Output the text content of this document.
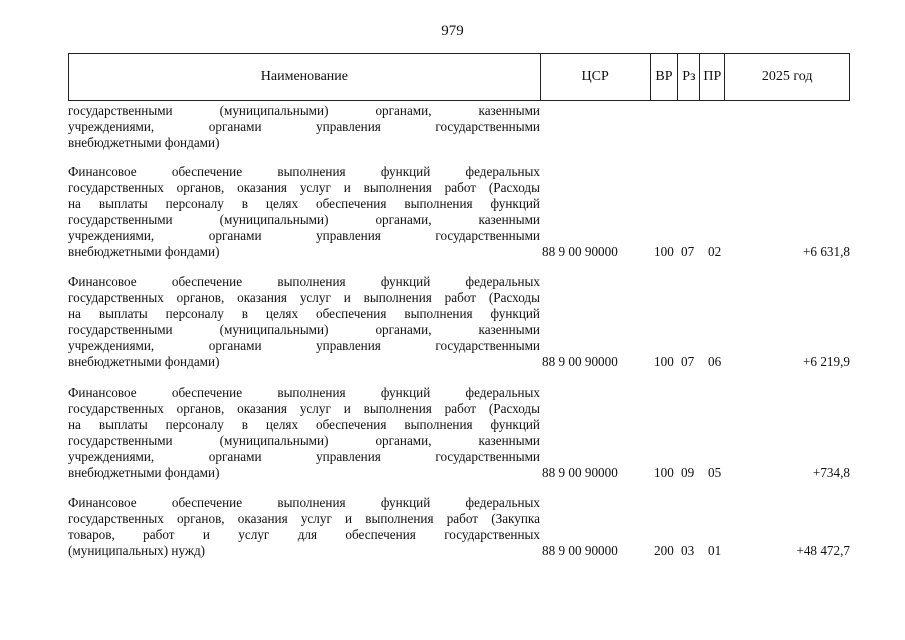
979
Наименование	ЦСР	ВР Рз ПР	2025 год
государственными (муниципальными) органами, казенными
учреждениями, органами управления государственными
внебюджетными фондами)
Финансовое обеспечение выполнения функций федеральных
государственных органов, оказания услуг и выполнения работ (Расходы
на выплаты персоналу в целях обеспечения выполнения функций
государственными (муниципальными) органами, казенными
учреждениями, органами управления государственными
внебюджетными фондами)	88 9 00 90000	100 07 02	+6 631,8
Финансовое обеспечение выполнения функций федеральных
государственных органов, оказания услуг и выполнения работ (Расходы
на выплаты персоналу в целях обеспечения выполнения функций
государственными (муниципальными) органами, казенными
учреждениями, органами управления государственными
внебюджетными фондами)	88 9 00 90000	100 07 06	+6 219,9
Финансовое обеспечение выполнения функций федеральных
государственных органов, оказания услуг и выполнения работ (Расходы
на выплаты персоналу в целях обеспечения выполнения функций
государственными (муниципальными) органами, казенными
учреждениями, органами управления государственными
внебюджетными фондами)	88 9 00 90000	100 09 05	+734,8
Финансовое обеспечение выполнения функций федеральных
государственных органов, оказания услуг и выполнения работ (Закупка
товаров, работ и услуг для обеспечения государственных
(муниципальных) нужд)	88 9 00 90000	200 03 01	+48 472,7
